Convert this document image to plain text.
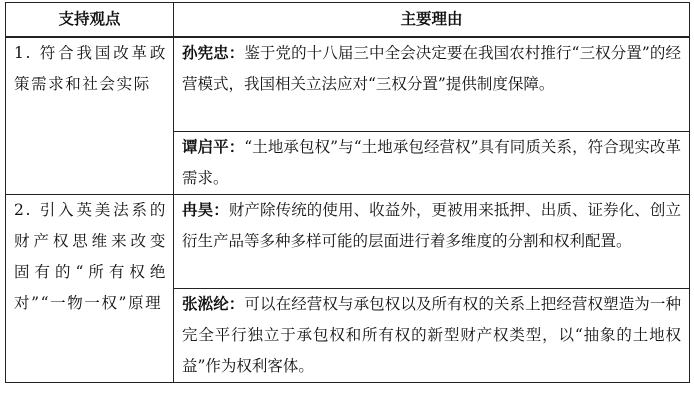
支持观点	主要理由
1. 符合我国改革政策需求和社会实际	孙宪忠：鉴于党的十八届三中全会决定要在我国农村推行“三权分置”的经营模式，我国相关立法应对“三权分置”提供制度保障。
	谭启平：“土地承包权”与“土地承包经营权”具有同质关系，符合现实改革需求。
2. 引入英美法系的财产权思维来改变固有的“所有权绝对”“一物一权”原理	冉昊：财产除传统的使用、收益外，更被用来抵押、出质、证券化、创立衍生产品等多种多样可能的层面进行着多维度的分割和权利配置。
	张淞纶：可以在经营权与承包权以及所有权的关系上把经营权塑造为一种完全平行独立于承包权和所有权的新型财产权类型，以“抽象的土地权益”作为权利客体。
